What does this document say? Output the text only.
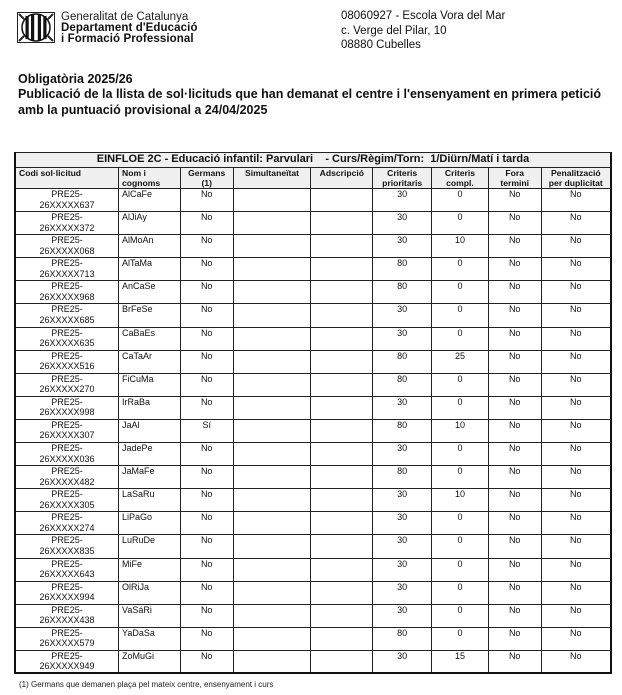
Generalitat de Catalunya
Departament d'Educació
i Formació Professional
08060927 - Escola Vora del Mar
c. Verge del Pilar, 10
08880 Cubelles
Obligatòria 2025/26
Publicació de la llista de sol·licituds que han demanat el centre i l'ensenyament en primera petició amb la puntuació provisional a 24/04/2025
EINFLOE 2C - Educació infantil: Parvulari    - Curs/Règim/Torn:  1/Diürn/Matí i tarda								
Codi sol·licitud	Nom i cognoms	Germans (1)	Simultaneïtat	Adscripció	Criteris prioritaris	Criteris compl.	Fora termini	Penalització per duplicitat

PRE25-
26XXXXX637	AlCaFe	No			30	0	No	No

PRE25-
26XXXXX372	AlJiAy	No			30	0	No	No

PRE25-
26XXXXX068	AlMoAn	No			30	10	No	No

PRE25-
26XXXXX713	AlTaMa	No			80	0	No	No

PRE25-
26XXXXX968	AnCaSe	No			80	0	No	No

PRE25-
26XXXXX685	BrFeSe	No			30	0	No	No

PRE25-
26XXXXX635	CaBaEs	No			30	0	No	No

PRE25-
26XXXXX516	CaTaAr	No			80	25	No	No

PRE25-
26XXXXX270	FiCuMa	No			80	0	No	No

PRE25-
26XXXXX998	IrRaBa	No			30	0	No	No

PRE25-
26XXXXX307	JaAl	Sí			80	10	No	No

PRE25-
26XXXXX036	JadePe	No			30	0	No	No

PRE25-
26XXXXX482	JaMaFe	No			80	0	No	No

PRE25-
26XXXXX305	LaSaRu	No			30	10	No	No

PRE25-
26XXXXX274	LiPaGo	No			30	0	No	No

PRE25-
26XXXXX835	LuRuDe	No			30	0	No	No

PRE25-
26XXXXX643	MiFe	No			30	0	No	No

PRE25-
26XXXXX994	OlRiJa	No			30	0	No	No

PRE25-
26XXXXX438	VaSáRi	No			30	0	No	No

PRE25-
26XXXXX579	YaDaSa	No			80	0	No	No

PRE25-
26XXXXX949	ZoMuGi	No			30	15	No	No
(1) Germans que demanen plaça pel mateix centre, ensenyament i curs
